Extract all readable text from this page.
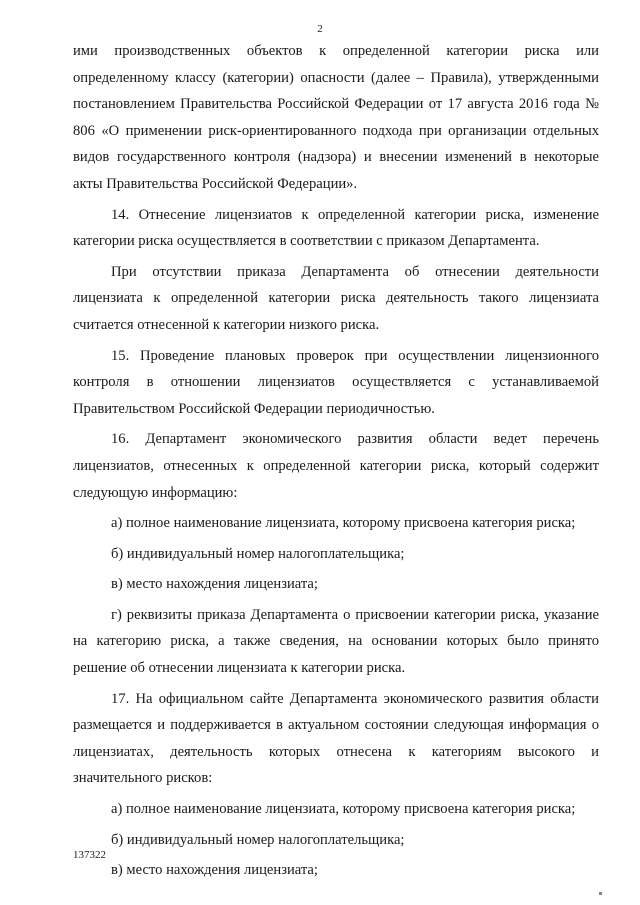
2

ими производственных объектов к определенной категории риска или определенному классу (категории) опасности (далее – Правила), утвержденными постановлением Правительства Российской Федерации от 17 августа 2016 года № 806 «О применении риск-ориентированного подхода при организации отдельных видов государственного контроля (надзора) и внесении изменений в некоторые акты Правительства Российской Федерации».

14. Отнесение лицензиатов к определенной категории риска, изменение категории риска осуществляется в соответствии с приказом Департамента.

При отсутствии приказа Департамента об отнесении деятельности лицензиата к определенной категории риска деятельность такого лицензиата считается отнесенной к категории низкого риска.

15. Проведение плановых проверок при осуществлении лицензионного контроля в отношении лицензиатов осуществляется с устанавливаемой Правительством Российской Федерации периодичностью.

16. Департамент экономического развития области ведет перечень лицензиатов, отнесенных к определенной категории риска, который содержит следующую информацию:

а) полное наименование лицензиата, которому присвоена категория риска;

б) индивидуальный номер налогоплательщика;

в) место нахождения лицензиата;

г) реквизиты приказа Департамента о присвоении категории риска, указание на категорию риска, а также сведения, на основании которых было принято решение об отнесении лицензиата к категории риска.

17. На официальном сайте Департамента экономического развития области размещается и поддерживается в актуальном состоянии следующая информация о лицензиатах, деятельность которых отнесена к категориям высокого и значительного рисков:

а) полное наименование лицензиата, которому присвоена категория риска;

б) индивидуальный номер налогоплательщика;

в) место нахождения лицензиата;

137322
